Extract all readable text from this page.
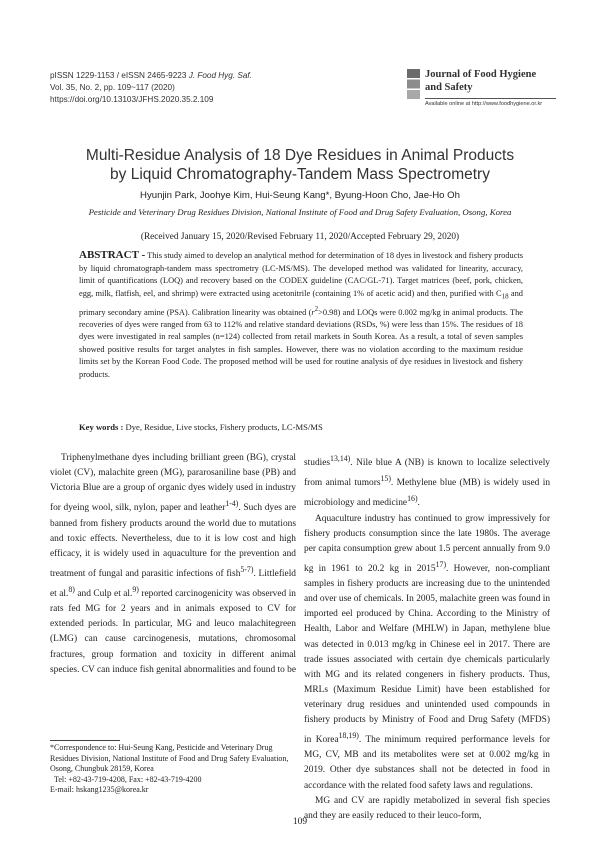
pISSN 1229-1153 / eISSN 2465-9223 J. Food Hyg. Saf.
Vol. 35, No. 2, pp. 109~117 (2020)
https://doi.org/10.13103/JFHS.2020.35.2.109
Journal of Food Hygiene
and Safety
Available online at http://www.foodhygiene.or.kr
Multi-Residue Analysis of 18 Dye Residues in Animal Products
by Liquid Chromatography-Tandem Mass Spectrometry
Hyunjin Park, Joohye Kim, Hui-Seung Kang*, Byung-Hoon Cho, Jae-Ho Oh
Pesticide and Veterinary Drug Residues Division, National Institute of Food and Drug Safety Evaluation, Osong, Korea
(Received January 15, 2020/Revised February 11, 2020/Accepted February 29, 2020)
ABSTRACT - This study aimed to develop an analytical method for determination of 18 dyes in livestock and fishery products by liquid chromatograph-tandem mass spectrometry (LC-MS/MS). The developed method was validated for linearity, accuracy, limit of quantifications (LOQ) and recovery based on the CODEX guideline (CAC/GL-71). Target matrices (beef, pork, chicken, egg, milk, flatfish, eel, and shrimp) were extracted using acetonitrile (containing 1% of acetic acid) and then, purified with $C_{18}$ and primary secondary amine (PSA). Calibration linearity was obtained $(r^2>0.98)$ and LOQs were 0.002 mg/kg in animal products. The recoveries of dyes were ranged from 63 to 112% and relative standard deviations (RSDs, %) were less than 15%. The residues of 18 dyes were investigated in real samples (n=124) collected from retail markets in South Korea. As a result, a total of seven samples showed positive results for target analytes in fish samples. However, there was no violation according to the maximum residue limits set by the Korean Food Code. The proposed method will be used for routine analysis of dye residues in livestock and fishery products.
Key words : Dye, Residue, Live stocks, Fishery products, LC-MS/MS

Triphenylmethane dyes including brilliant green (BG), crystal violet (CV), malachite green (MG), pararosaniline base (PB) and Victoria Blue are a group of organic dyes widely used in industry for dyeing wool, silk, nylon, paper and leather$^{1-4)}$. Such dyes are banned from fishery products around the world due to mutations and toxic effects. Nevertheless, due to it is low cost and high efficacy, it is widely used in aquaculture for the prevention and treatment of fungal and parasitic infections of fish$^{5-7)}$. Littlefield et al.$^{8)}$ and Culp et al.$^{9)}$ reported carcinogenicity was observed in rats fed MG for 2 years and in animals exposed to CV for extended periods. In particular, MG and leuco malachitegreen (LMG) can cause carcinogenesis, mutations, chromosomal fractures, group formation and toxicity in different animal species. CV can induce fish genital abnormalities and found to be

studies$^{13,14)}$. Nile blue A (NB) is known to localize selectively from animal tumors$^{15)}$. Methylene blue (MB) is widely used in microbiology and medicine$^{16)}$.

Aquaculture industry has continued to grow impressively for fishery products consumption since the late 1980s. The average per capita consumption grew about 1.5 percent annually from 9.0 kg in 1961 to 20.2 kg in 2015$^{17)}$. However, non-compliant samples in fishery products are increasing due to the unintended and over use of chemicals. In 2005, malachite green was found in imported eel produced by China. According to the Ministry of Health, Labor and Welfare (MHLW) in Japan, methylene blue was detected in 0.013 mg/kg in Chinese eel in 2017. There are trade issues associated with certain dye chemicals particularly with MG and its related congeners in fishery products. Thus, MRLs (Maximum Residue Limit) have been established for veterinary drug residues and unintended used compounds in fishery products by Ministry of Food and Drug Safety (MFDS) in Korea$^{18,19)}$. The minimum required performance levels for MG, CV, MB and its metabolites were set at 0.002 mg/kg in 2019. Other dye substances shall not be detected in food in accordance with the related food safety laws and regulations.

MG and CV are rapidly metabolized in several fish species and they are easily reduced to their leuco-form,

*Correspondence to: Hui-Seung Kang, Pesticide and Veterinary Drug Residues Division, National Institute of Food and Drug Safety Evaluation, Osong, Chungbuk 28159, Korea
Tel: +82-43-719-4208, Fax: +82-43-719-4200
E-mail: hskang1235@korea.kr
109
